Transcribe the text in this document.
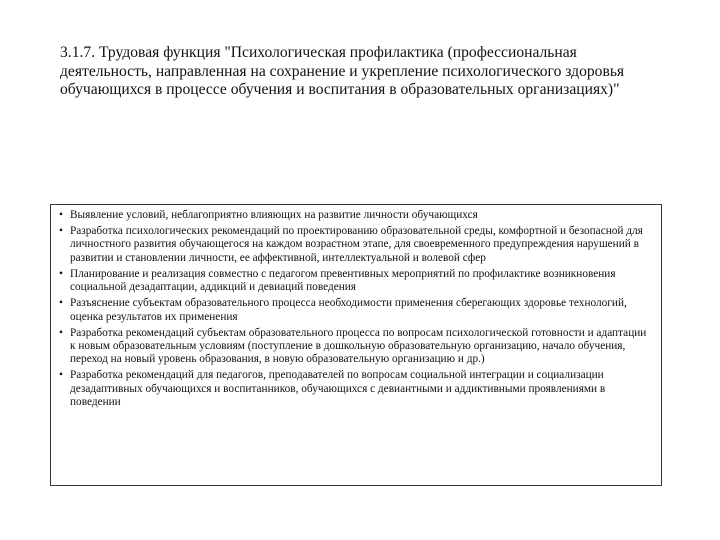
3.1.7. Трудовая функция "Психологическая профилактика (профессиональная деятельность, направленная на сохранение и укрепление психологического здоровья обучающихся в процессе обучения и воспитания в образовательных организациях)"
• Выявление условий, неблагоприятно влияющих на развитие личности обучающихся
• Разработка психологических рекомендаций по проектированию образовательной среды, комфортной и безопасной для личностного развития обучающегося на каждом возрастном этапе, для своевременного предупреждения нарушений в развитии и становлении личности, ее аффективной, интеллектуальной и волевой сфер
• Планирование и реализация совместно с педагогом превентивных мероприятий по профилактике возникновения социальной дезадаптации, аддикций и девиаций поведения
• Разъяснение субъектам образовательного процесса необходимости применения сберегающих здоровье технологий, оценка результатов их применения
• Разработка рекомендаций субъектам образовательного процесса по вопросам психологической готовности и адаптации к новым образовательным условиям (поступление в дошкольную образовательную организацию, начало обучения, переход на новый уровень образования, в новую образовательную организацию и др.)
• Разработка рекомендаций для педагогов, преподавателей по вопросам социальной интеграции и социализации дезадаптивных обучающихся и воспитанников, обучающихся с девиантными и аддиктивными проявлениями в поведении
